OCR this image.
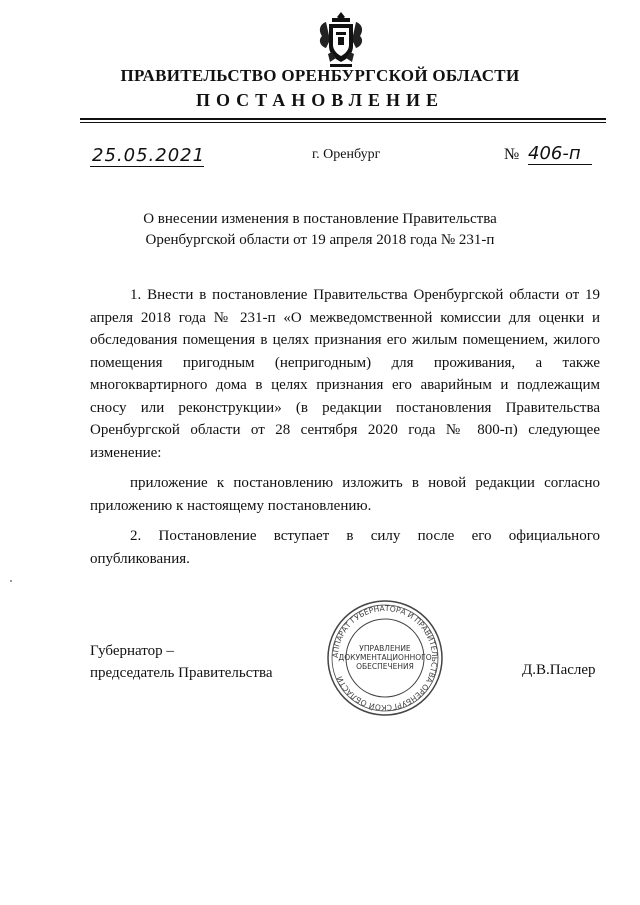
ПРАВИТЕЛЬСТВО ОРЕНБУРГСКОЙ ОБЛАСТИ
ПОСТАНОВЛЕНИЕ
25.05.2021	г. Оренбург	№ 406-п
О внесении изменения в постановление Правительства
Оренбургской области от 19 апреля 2018 года № 231-п

1. Внести в постановление Правительства Оренбургской области от 19 апреля 2018 года № 231-п «О межведомственной комиссии для оценки и обследования помещения в целях признания его жилым помещением, жилого помещения пригодным (непригодным) для проживания, а также многоквартирного дома в целях признания его аварийным и подлежащим сносу или реконструкции» (в редакции постановления Правительства Оренбургской области от 28 сентября 2020 года № 800-п) следующее изменение:

приложение к постановлению изложить в новой редакции согласно приложению к настоящему постановлению.

2. Постановление вступает в силу после его официального опубликования.

Губернатор –
председатель Правительства	Д.В.Паслер
АППАРАТ ГУБЕРНАТОРА И ПРАВИТЕЛЬСТВА ОРЕНБУРГСКОЙ ОБЛАСТИ
УПРАВЛЕНИЕ
ДОКУМЕНТАЦИОННОГО
ОБЕСПЕЧЕНИЯ
